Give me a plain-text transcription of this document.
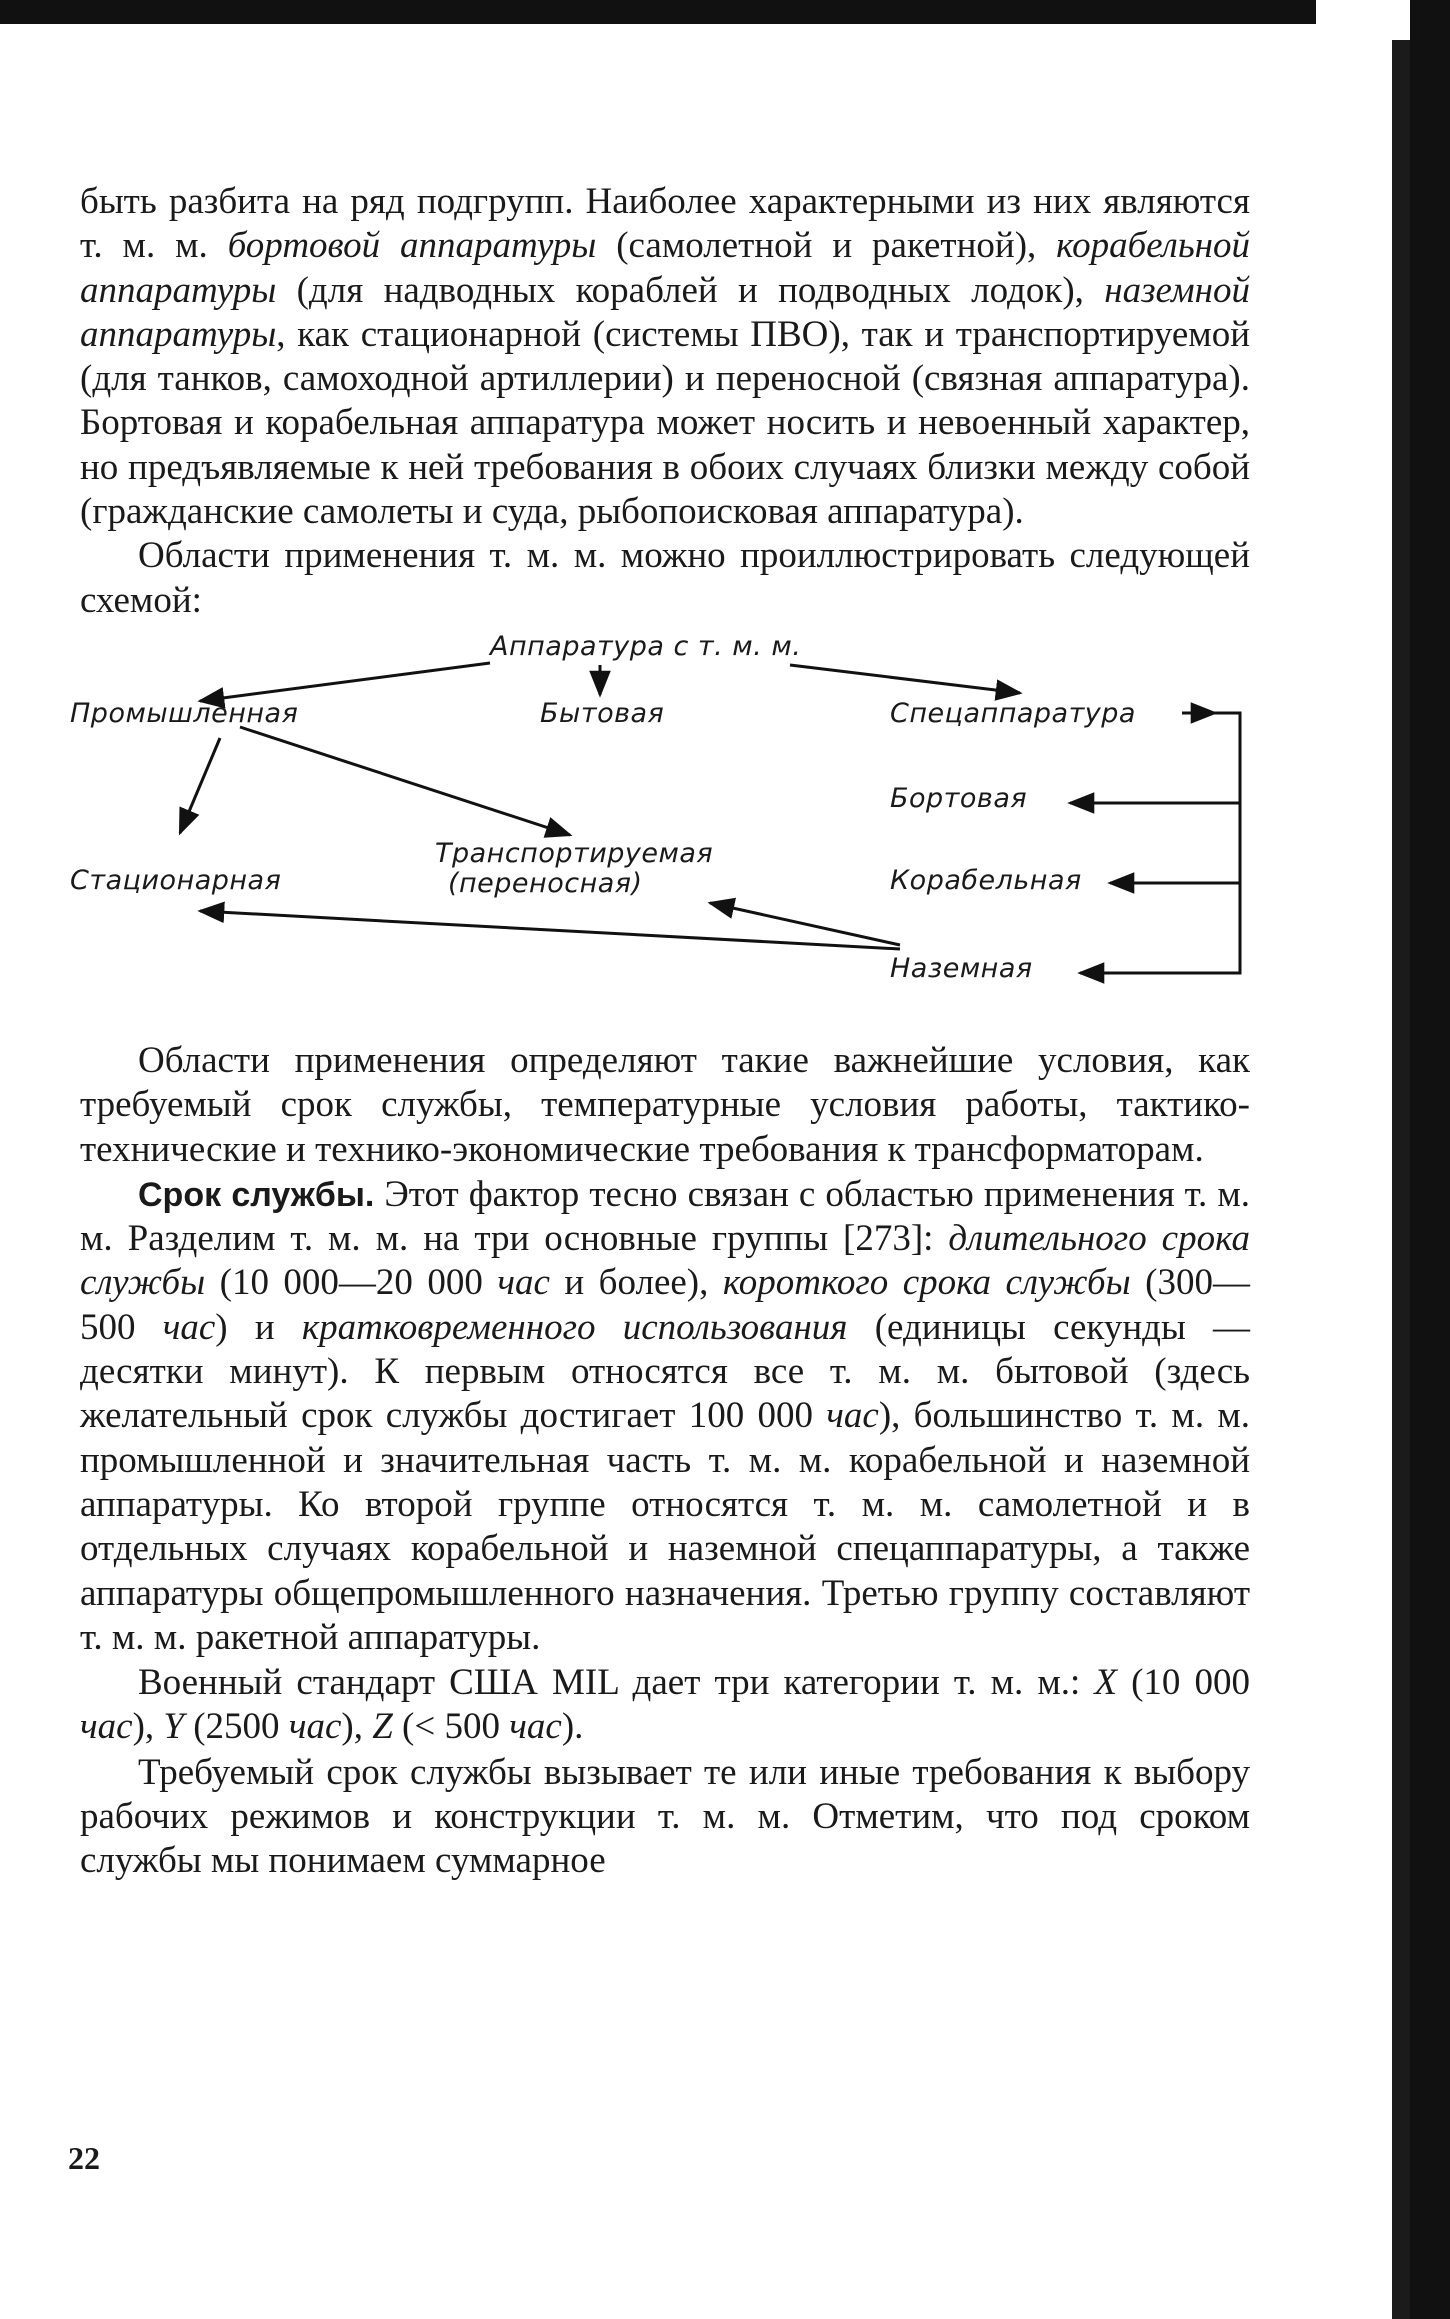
быть разбита на ряд подгрупп. Наиболее характерными из них являются т. м. м. бортовой аппаратуры (самолетной и ракетной), корабельной аппаратуры (для надводных кораблей и подводных лодок), наземной аппаратуры, как стационарной (системы ПВО), так и транспортируемой (для танков, самоходной артиллерии) и переносной (связная аппаратура). Бортовая и корабельная аппаратура может носить и невоенный характер, но предъявляемые к ней требования в обоих случаях близки между собой (гражданские самолеты и суда, рыбопоисковая аппаратура).

Области применения т. м. м. можно проиллюстрировать следующей схемой:

Аппаратура с т. м. м.
Промышленная	Бытовая	Спецаппаратура
Бортовая
Корабельная
Стационарная
Транспортируемая
(переносная)
Наземная

Области применения определяют такие важнейшие условия, как требуемый срок службы, температурные условия работы, тактико-технические и технико-экономические требования к трансформаторам.

Срок службы. Этот фактор тесно связан с областью применения т. м. м. Разделим т. м. м. на три основные группы [273]: длительного срока службы (10 000—20 000 час и более), короткого срока службы (300—500 час) и кратковременного использования (единицы секунды — десятки минут). К первым относятся все т. м. м. бытовой (здесь желательный срок службы достигает 100 000 час), большинство т. м. м. промышленной и значительная часть т. м. м. корабельной и наземной аппаратуры. Ко второй группе относятся т. м. м. самолетной и в отдельных случаях корабельной и наземной спецаппаратуры, а также аппаратуры общепромышленного назначения. Третью группу составляют т. м. м. ракетной аппаратуры.

Военный стандарт США MIL дает три категории т. м. м.: X (10 000 час), Y (2500 час), Z (< 500 час).

Требуемый срок службы вызывает те или иные требования к выбору рабочих режимов и конструкции т. м. м. Отметим, что под сроком службы мы понимаем суммарное

22
